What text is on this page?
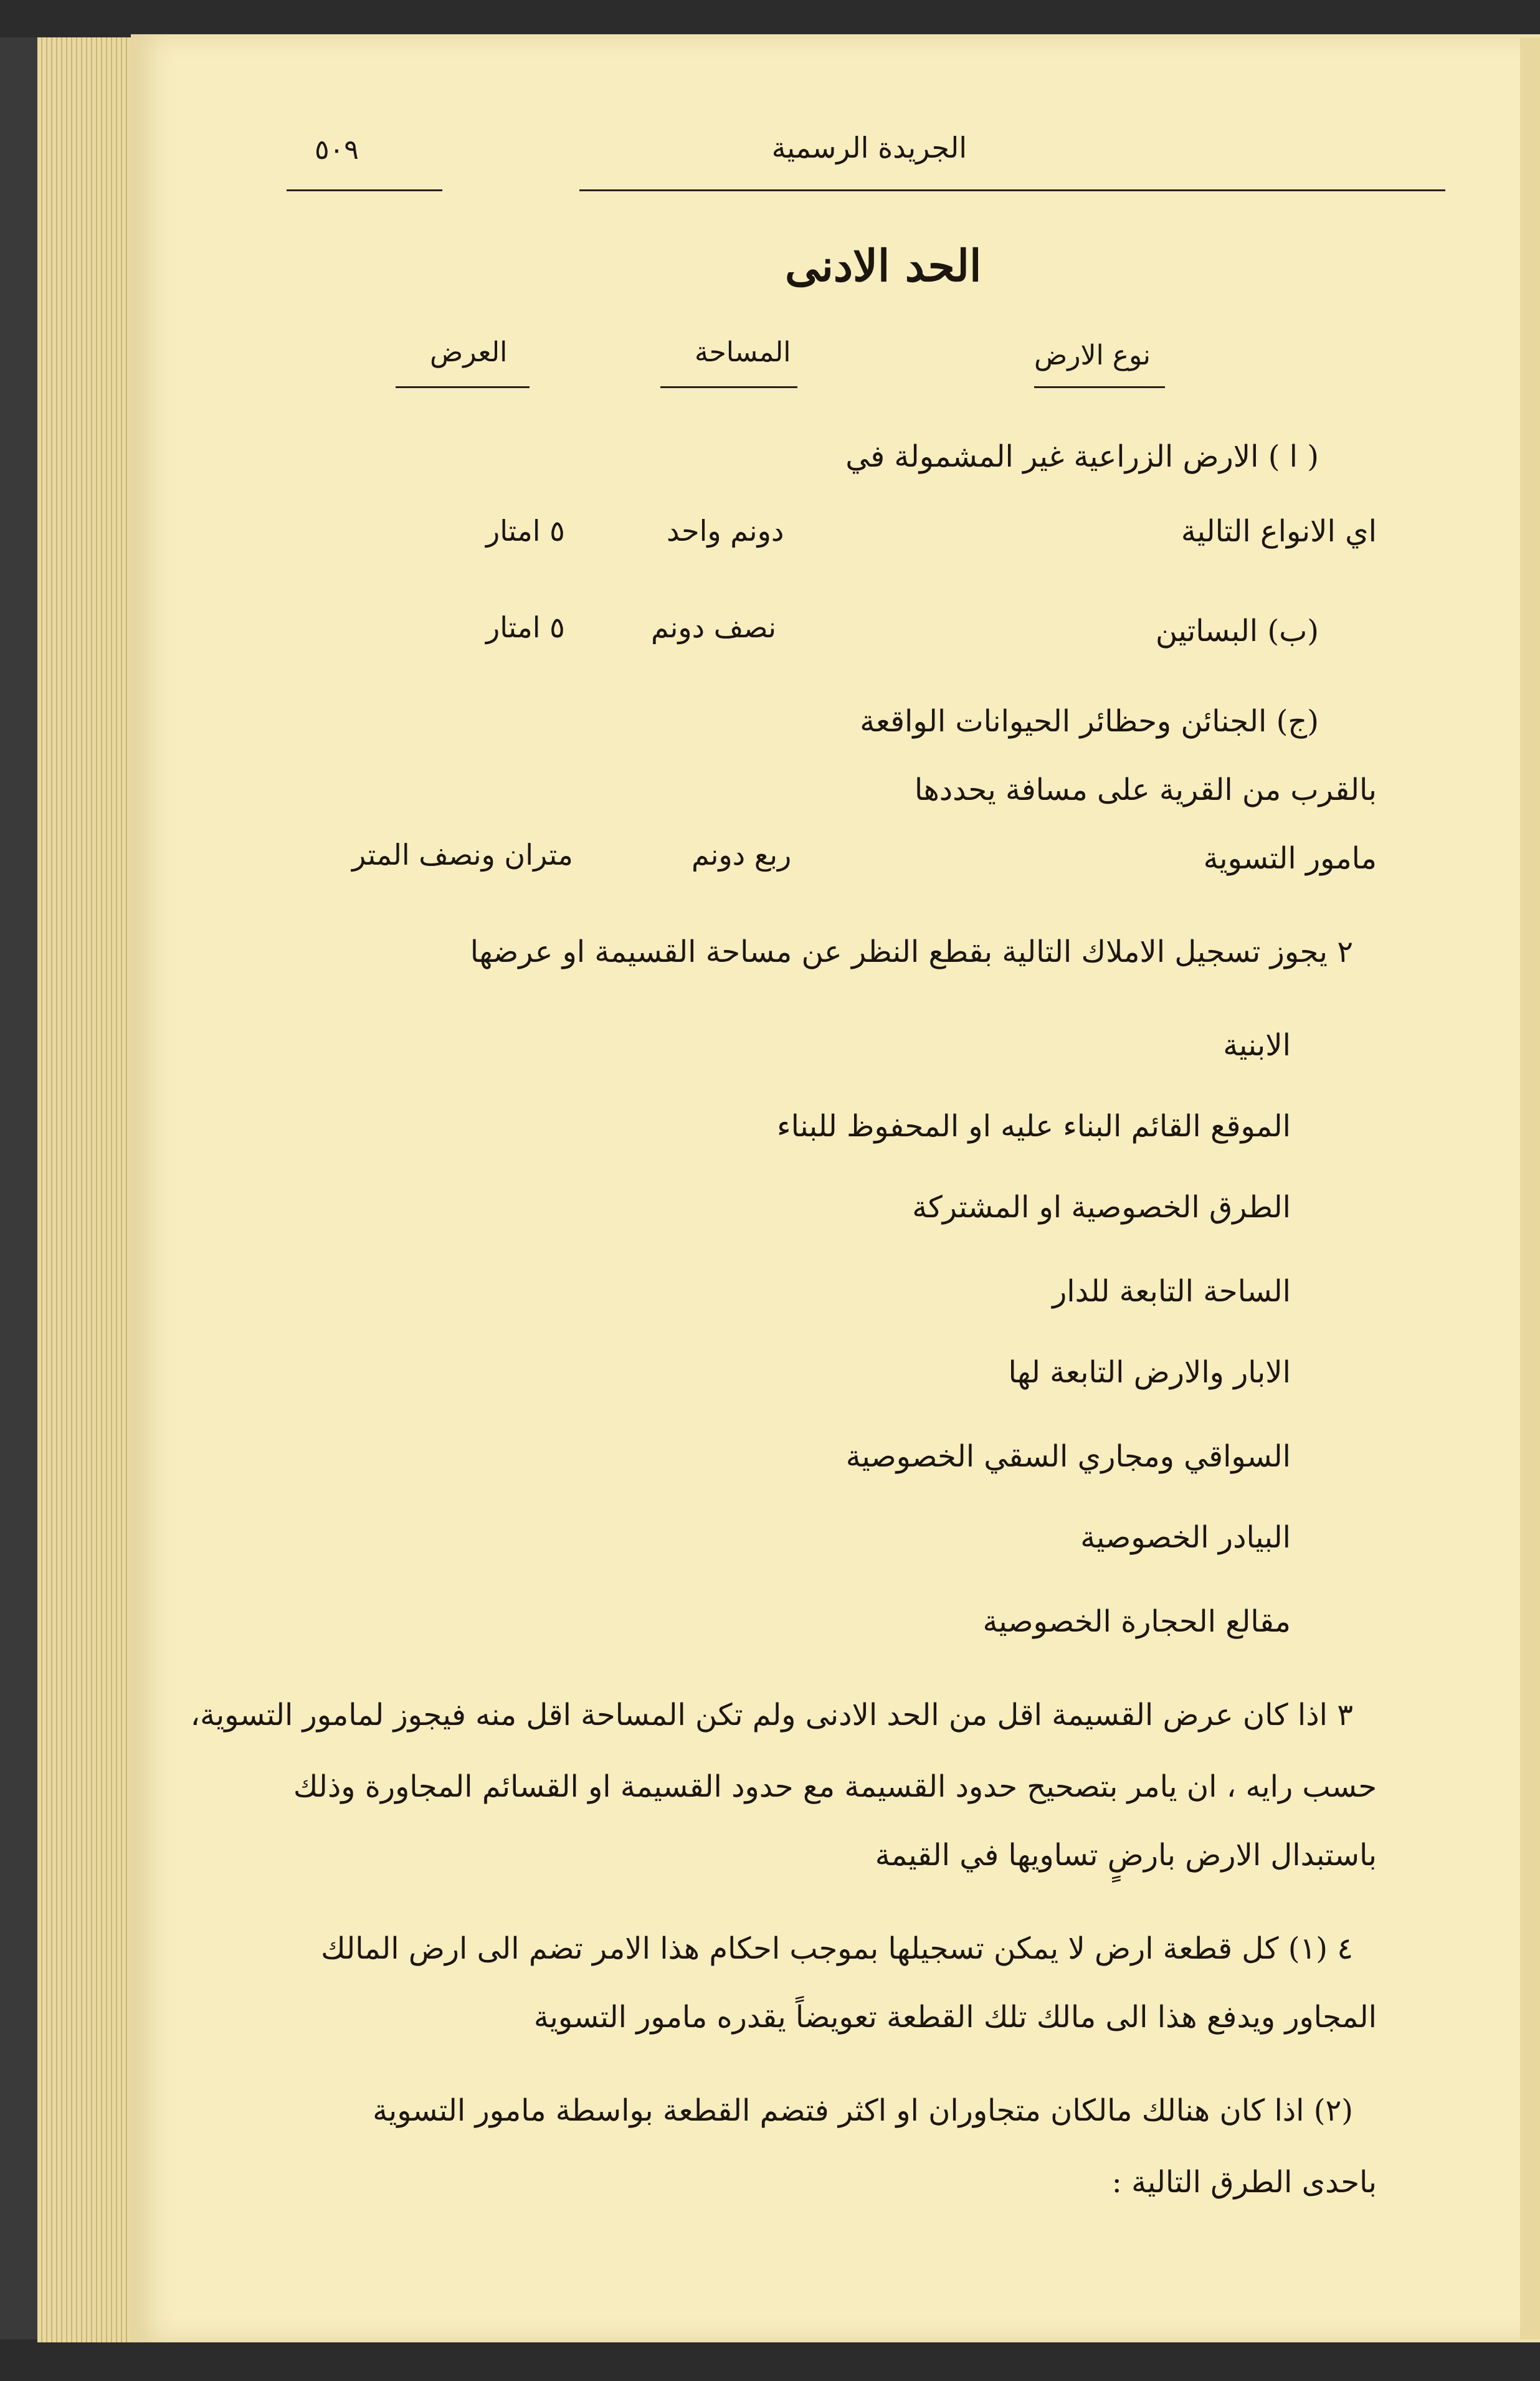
الجريدة الرسمية
٥٠٩
الحد الادنى
العرض	المساحة	نوع الارض
( ا ) الارض الزراعية غير المشمولة في
اي الانواع التالية
دونم واحد
٥ امتار
(ب) البساتين
نصف دونم
٥ امتار
(ج) الجنائن وحظائر الحيوانات الواقعة
بالقرب من القرية على مسافة يحددها
مامور التسوية
ربع دونم
متران ونصف المتر
٢ يجوز تسجيل الاملاك التالية بقطع النظر عن مساحة القسيمة او عرضها
الابنية
الموقع القائم البناء عليه او المحفوظ للبناء
الطرق الخصوصية او المشتركة
الساحة التابعة للدار
الابار والارض التابعة لها
السواقي ومجاري السقي الخصوصية
البيادر الخصوصية
مقالع الحجارة الخصوصية
٣ اذا كان عرض القسيمة اقل من الحد الادنى ولم تكن المساحة اقل منه فيجوز لمامور التسوية،
حسب رايه ، ان يامر بتصحيح حدود القسيمة مع حدود القسيمة او القسائم المجاورة وذلك
باستبدال الارض بارضٍ تساويها في القيمة
٤ (١) كل قطعة ارض لا يمكن تسجيلها بموجب احكام هذا الامر تضم الى ارض المالك
المجاور ويدفع هذا الى مالك تلك القطعة تعويضاً يقدره مامور التسوية
(٢) اذا كان هنالك مالكان متجاوران او اكثر فتضم القطعة بواسطة مامور التسوية
باحدى الطرق التالية :
